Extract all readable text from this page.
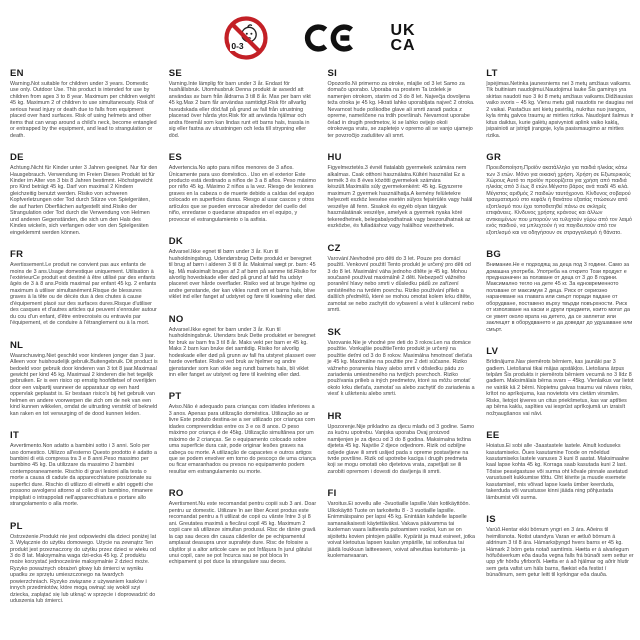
0-3
UK
CA
EN

Warning.Not suitable for children under 3 years. Domestic use only. Outdoor Use. This product is intended for use by children from ages 3 to 8 year. Maximum per children weight 45 kg. Maximum 2 of children to use simultaneously. Risk of serious head injury or death due to falls from equipment placed over hard surfaces. Risk of using helmets and other items that can wrap around a child's neck, become entangled or entrapped by the equipment, and lead to strangulation or death.

DE

Achtung.Nicht für Kinder unter 3 Jahren geeignet. Nur für den Hausgebrauch. Verwendung im Freien Dieses Produkt ist für Kinder im Alter von 3 bis 8 Jahren bestimmt. Höchstgewicht pro Kind beträgt 45 kg. Darf von maximal 2 Kindern gleichzeitig benutzt werden. Risiko von schweren Kopfverletzungen oder Tod durch Stürze von Spielgeräten, die auf harten Oberflächen aufgestellt sind.Risiko der Strangulation oder Tod durch die Verwendung von Helmen und anderen Gegenständen, die sich um den Hals des Kindes wickeln, sich verfangen oder von den Spielgeräten eingeklemmt werden können.

FR

Avertissement.Le produit ne convient pas aux enfants de moins de 3 ans.Usage domestique uniquement. Utilisation à l'extérieurCe produit est destiné à être utilisé par des enfants âgés de 3 à 8 ans.Poids maximal par enfant 45 kg. 2 enfants maximum à utiliser simultanément.Risque de blessures graves à la tête ou de décès dus à des chutes à cause d'équipement placé sur des surfaces dures.Risque d'utiliser des casques et d'autres articles qui peuvent s'enrouler autour du cou d'un enfant, d'être entrecroisés ou entravés par l'équipement, et de conduire à l'étranglement ou à la mort.

NL

Waarschuwing.Niet geschikt voor kinderen jonger dan 3 jaar. Alleen voor huishoudelijk gebruik.Buitengebruik. Dit product is bedoeld voor gebruik door kinderen van 3 tot 8 jaar.Maximaal gewicht per kind 45 kg. Maximaal 2 kinderen die het tegelijk gebruiken. Er is een risico op ernstig hoofdletsel of overlijden door een valpartij wanneer de apparatuur op een hard oppervlak geplaatst is. Er bestaan risico's bij het gebruik van helmen en andere voorwerpen die zich om de nek van een kind kunnen wikkelen, omdat de uitrusting verstrikt of bekneld kan raken en tot verwurging of de dood kunnen leiden.

IT

Avvertimento.Non adatto a bambini sotto i 3 anni. Solo per uso domestico. Utilizzo all'esterno Questo prodotto è adatto a bambini di età compresa tra 3 e 8 anni.Peso massimo per bambino 45 kg. Da utilizzare da massimo 2 bambini contemporaneamente. Rischio di gravi lesioni alla testa o morte a causa di cadute da apparecchiature posizionate su superfici dure. Rischio di utilizzo di elmetti e altri oggetti che possono avvolgersi attorno al collo di un bambino, rimanere impigliati o intrappolati nell'apparecchiatura e portare allo strangolamento o alla morte.

PL

Ostrzeżenie.Produkt nie jest odpowiedni dla dzieci poniżej lat 3. Wyłącznie do użytku domowego. Użycie na zewnątrz Ten produkt jest przeznaczony do użytku przez dzieci w wieku od 3 do 8 lat. Maksymalna waga dzi-ecka 45 kg. Z produktu może korzystać jednocześnie maksymalnie 2 dzieci może. Ryzyko poważnych obrażeń głowy lub śmierci w wyniku upadku ze sprzętu umieszczonego na twardych powierzchniach. Ryzyko związane z używaniem kasków i innych przedmiotów, które mogą owinąć się wokół szyi dziecka, zaplątać się lub utknąć w sprzęcie i doprowadzić do uduszenia lub śmierci.

SE

Varning.Inte lämplig för barn under 3 år. Endast för hushållsbruk. Utomhusbruk Denna produkt är avsedd att användas av barn från åldrarna 3 till 8 år. Max per barn vikt 45 kg.Max 2 barn får användas samtidigt.Risk för allvarlig huvudskada eller död.fall på grund av fall från utrustning placerad över hårda ytor.Risk för att använda hjälmar och andra föremål som kan lindas runt ett barns hals, trassla in sig eller fastna av utrustningen och leda till strypning eller död.

ES

Advertencia.No apto para niños menores de 3 años. Únicamente para uso doméstico.. Uso en el exterior Este producto está destinado a niños de 3 a 8 años. Peso máximo por niño 45 kg. Máximo 2 niños a la vez. Riesgo de lesiones graves en la cabeza o de muerte debido a caídas del equipo colocado en superficies duras. Riesgo al usar cascos y otros artículos que se pueden enroscar alrededor del cuello del niño, enredarse o quedarse atrapados en el equipo, y provocar el estrangulamiento o la asfixia.

DK

Advarsel.Ikke egnet til børn under 3 år. Kun til husholdningsbrug. Udendørsbrug Dette produkt er beregnet til brug af børn i alderen 3 til 8 år. Maksimal vægt pr. barn: 45 kg. Må maksimalt bruges af 2 af børn på samme tid.Risiko for alvorlig hovedskade eller død på grund af fald fra udstyr placeret over hårde overflader. Risiko ved at bruge hjelme og andre genstande, der kan vikles rundt om et barns hals, blive viklet ind eller fanget af udstyret og føre til kvælning eller død.

NO

Advarsel.Ikke egnet for barn under 3 år. Kun til husholdningsbruk. Utendørs bruk Dette produktet er beregnet for bruk av barn fra 3 til 8 år. Maks vekt per barn er 45 kg. Maks 2 barn kan bruke det samtidig. Risiko for alvorlig hodeskade eller død på grunn av fall fra utstyret plassert over harde overflater. Risiko ved bruk av hjelmer og andre gjenstander som kan vikle seg rundt barnets hals, bli viklet inn eller fanget av utstyret og føre til kvelning eller død.

PT

Aviso.Não é adequado para crianças com idades inferiores a 3 anos. Apenas para utilização doméstica. Utilização ao ar livre Este produto destina-se a ser utilizado por crianças com idades compreendidas entre os 3 e os 8 anos. O peso máximo por criança é de 45kg. Utilização simultânea por um máximo de 2 crianças. Se o equipamento colocado sobre uma superfície dura cair, pode originar lesões graves na cabeça ou morte. A utilização de capacetes e outros artigos que se podem envolver em torno do pescoço de uma criança ou ficar emaranhados ou presos no equipamento podem resultar em estrangulamento ou morte.

RO

Avertisment.Nu este recomandat pentru copiii sub 3 ani. Doar pentru uz domestic. Utilizare în aer liber Acest produs este recomandat pentru a fi utilizat de copii cu vârste între 3 și 8 ani. Greutatea maximă a fiecărui copil 45 kg. Maximum 2 copii care să utilizeze simultan produsul. Risc de rănire gravă la cap sau deces din cauza căderilor de pe echipamentul amplasat deasupra unor suprafețe dure. Risc de folosire a căștilor și a altor articole care se pot înfășura în jurul gâtului unui copil, care se pot încurca sau se pot bloca în echipament și pot duce la strangulare sau deces.

SI

Opozorilo.Ni primerno za otroke, mlajše od 3 let Samo za domačo uporabo. Uporaba na prostem Ta izdelek je namenjen otrokom, starim od 3 do 8 let. Največja dovoljena teža otroka je 45 kg. Hkrati lahko uporabljata največ 2 otroka. Nevarnost hude poškodbe glave ali smrti zaradi padca z opreme, nameščene na trdih površinah. Nevarnost uporabe čelad in drugih predmetov, ki se lahko ovijejo okoli otrokovega vratu, se zapletejo v opremo ali se vanjo ujamejo ter povzročijo zadušitev ali smrt.

HU

Figyelmeztetés.3 évnél fiatalabb gyermekek számára nem alkalmas. Csak otthoni használatra.Kültéri használat Ez a termék 3 és 8 éves közötti gyermekek számára készült.Maximális súly gyermekenként: 45 kg. Egyszerre maximum 2 gyermek használhatja.A kemény felületekre helyezett eszköz leesése esetén súlyos fejsérülés vagy halál veszélye áll fenn. Sisakok és egyéb olyan tárgyak használatának veszélye, amelyek a gyermek nyaka köré tekeredhetnek, belegabalyodhatnak vagy beszorulhatnak az eszközbe, és fulladáshoz vagy halálhoz vezethetnek.

CZ

Varování.Nevhodné pro děti do 3 let. Pouze pro domácí použití. Venkovní použití Tento produkt je určený pro děti od 3 do 8 let. Maximální váha jednoho dítěte je 45 kg. Mohou současně používat maximálně 2 děti. Nebezpečí vážného poranění hlavy nebo smrti v důsledku pádů ze zařízení umístěného na tvrdém povrchu. Riziko používání přileb a dalších předmětů, které se mohou omotat kolem krku dítěte, zamotat se nebo zachytit do vybavení a vést k uškrcení nebo smrti.

SK

Varovanie.Nie je vhodné pre deti do 3 rokov.Len na domáce použitie. Vonkajšie použitieTento produkt je určený na použitie deťmi od 3 do 8 rokov. Maximálna hmotnosť dieťaťa je 45 kg. Maximálne na použitie pre 2 deti súčasne. Riziko vážneho poranenia hlavy alebo smrti v dôsledku pádu zo zariadenia umiestneného na tvrdých povrchoch. Riziko používania prilieb a iných predmetov, ktoré sa môžu omotať okolo krku dieťaťa, zamotať sa alebo zachytiť do zariadenia a viesť k uškrteniu alebo smrti.

HR

Upozorenje.Nije prikladno za djecu mlađu od 3 godine. Samo za kućnu upotrebu. Vanjska uporaba Ovaj proizvod namijenjen je za djecu od 3 do 8 godina. Maksimalna težina djeteta 45 kg. Najviše 2 djece odjednom. Rizik od ozbiljne ozljede glave ili smrti uslijed pada s opreme postavljene na tvrde površine. Rizik od upotrebe kaciga i drugih predmeta koji se mogu omotati oko djetetova vrata, zapetljati se ili zarobiti opremom i dovesti do davljenja ili smrti.

FI

Varoitus.Ei sovellu alle -3vuotiaille lapsille.Vain kotikäyttöön. Ulkokäyttö Tuote on tarkoitettu 8 - 3 vuotiaille lapsille. Enimmäispaino per lapsi 45 kg. Enintään kahdelle lapselle samanaikaisesti käytettäväksi. Vakava päävamma tai kuoleman vaara laitteesta putoamisen vuoksi, kun se on sijoitettu kovien pintojen päälle. Kypärät ja muut esineet, jotka voivat kietoutua lapsen kaulan ympärille, tai sotkeutua tai jäädä loukkuun laitteeseen, voivat aiheuttaa kuristumis- ja kuolemanvaaran.

LT

Įspėjimas.Netinka jaunesniems nei 3 metų amžiaus vaikams. Tik buitiniam naudojimui.Naudojimui lauke Šis gaminys yra skirtas naudoti nuo 3 iki 8 metų amžiaus vaikams.Didžiausias vaiko svoris – 45 kg. Vienu metu gali naudotis ne daugiau nei 2 vaikai. Pastačius ant kietų paviršių, nukritus nuo įrangos, kyla rimtų galvos traumų ar mirties rizika. Naudojant šalmus ir kitus daiktus, kurie galėtų apsivynioti aplink vaiko kaklą, įsipainioti ar įstrigti įrangoje, kyla pasismaugimo ar mirties rizika.

GR

Προειδοποίηση.Προϊόν ακατάλληλο για παιδιά ηλικίας κάτω των 3 ετών. Μόνο για οικιακή χρήση. Χρήση σε Εξωτερικούς Χώρους Αυτό το προϊόν προορίζεται για χρήση από παιδιά ηλικίας από 3 έως 8 ετών.Μέγιστο βάρος ανά παιδί 45 κιλά. Μέγιστος αριθμός 2 παιδιών ταυτόχρονα. Κίνδυνος σοβαρού τραυματισμού στο κεφάλι ή θανάτου εξαιτίας πτώσεων από εξοπλισμό που έχει τοποθετηθεί πάνω σε σκληρές επιφάνειες. Κίνδυνος χρήσης κράνους και άλλων αντικειμένων που μπορούν να τυλιχτούν γύρω από τον λαιμό ενός παιδιού, να μπλεχτούν ή να παγιδευτούν από τον εξοπλισμό και να οδηγήσουν σε στραγγαλισμό ή θάνατο.

BG

Внимание.Не е подходящ за деца под 3 години. Само за домашна употреба. Употреба на открито Този продукт е предназначен за ползване от деца от 3 до 8 години. Максимално тегло на дете 45 кг. За едновременното ползване от максимум 2 деца. Риск от сериозно нараняване на главата или смърт поради падане от оборудване, поставено върху твърди повърхности. Риск от използване на каски и други предмети, които могат да се увият около врата на детето, да се заплетат или заклещят в оборудването и да доведат до удушаване или смърт.

LV

Brīdinājums.Nav piemērots bērniem, kas jaunāki par 3 gadiem. Lietošanai tikai mājas apstākļos. Lietošana ārpus telpām Šis produkts ir piemērots bērniem vecumā no 3 līdz 8 gadiem. Maksimālais bērna svars – 45kg. Vienlaikus var lietot ne vairāk kā 2 bērni. Nopietnu galvas traumu vai nāves risks, krītot no aprīkojuma, kas novietots virs cietām virsmām. Risks, lietojot ķiveres un citus priekšmetus, kas var aptīties ap bērna kaklu, sapīties vai iesprūst aprīkojumā un izraisīt nožņaugšanos vai nāvi.

EE

Hoiatus.Ei sobi alle -3aastastele lastele. Ainult koduseks kasutamiseks. Õues kasutamine Toode on mõeldud kasutamiseks lastele vanuses 3 kuni 8 aastat. Maksimaalne kaal lapse kohta 45 kg. Korraga saab kasutada kuni 2 last. Tõsise peavigastuse või surma oht kõvale pinnale asetatud varustuselt kukkumise tõttu. Oht kiivrite ja muude esemete kasutamisel, mis võivad lapse kaela ümber keerduda, takerduda või varustusse kinni jääda ning põhjustada lämbumist või surma.

IS

Varúð.Hentar ekki börnum yngri en 3 ára. Aðeins til heimilisnota. Notist utandyra Varan er ætluð börnum á aldrinum 3 til 8 ára. Hámarksþyngd hvers barns er 45 kg. Hámark 2 börn geta notað samtímis. Hætta er á alvarlegum höfuðáverkum eða dauða vegna falls frá búnaði sem settur er upp yfir hörðu yfirborði. Hætta er á að hjálmar og aðrir hlutir sem geta vafist um háls barns, flækist eða festist í búnaðinum, sem getur leitt til kyrkingar eða dauða.
